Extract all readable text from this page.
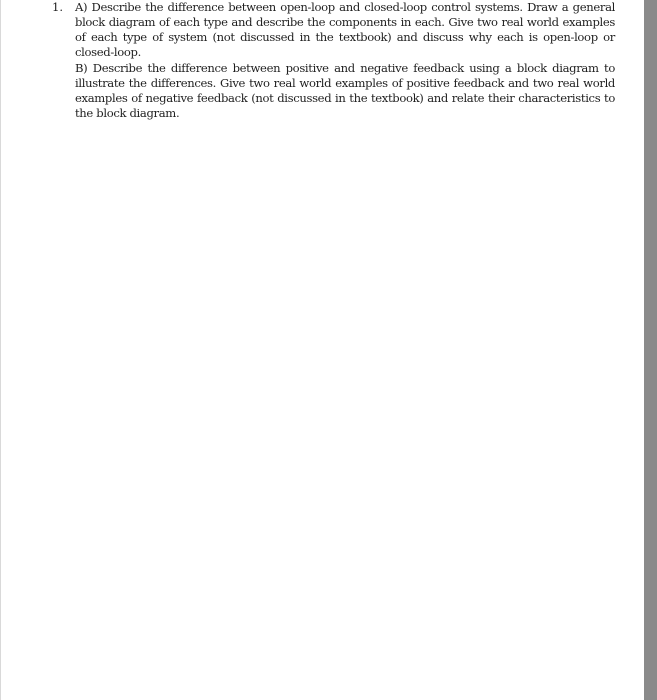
1. A) Describe the difference between open-loop and closed-loop control systems. Draw a general block diagram of each type and describe the components in each. Give two real world examples of each type of system (not discussed in the textbook) and discuss why each is open-loop or closed-loop.

B) Describe the difference between positive and negative feedback using a block diagram to illustrate the differences. Give two real world examples of positive feedback and two real world examples of negative feedback (not discussed in the textbook) and relate their characteristics to the block diagram.
